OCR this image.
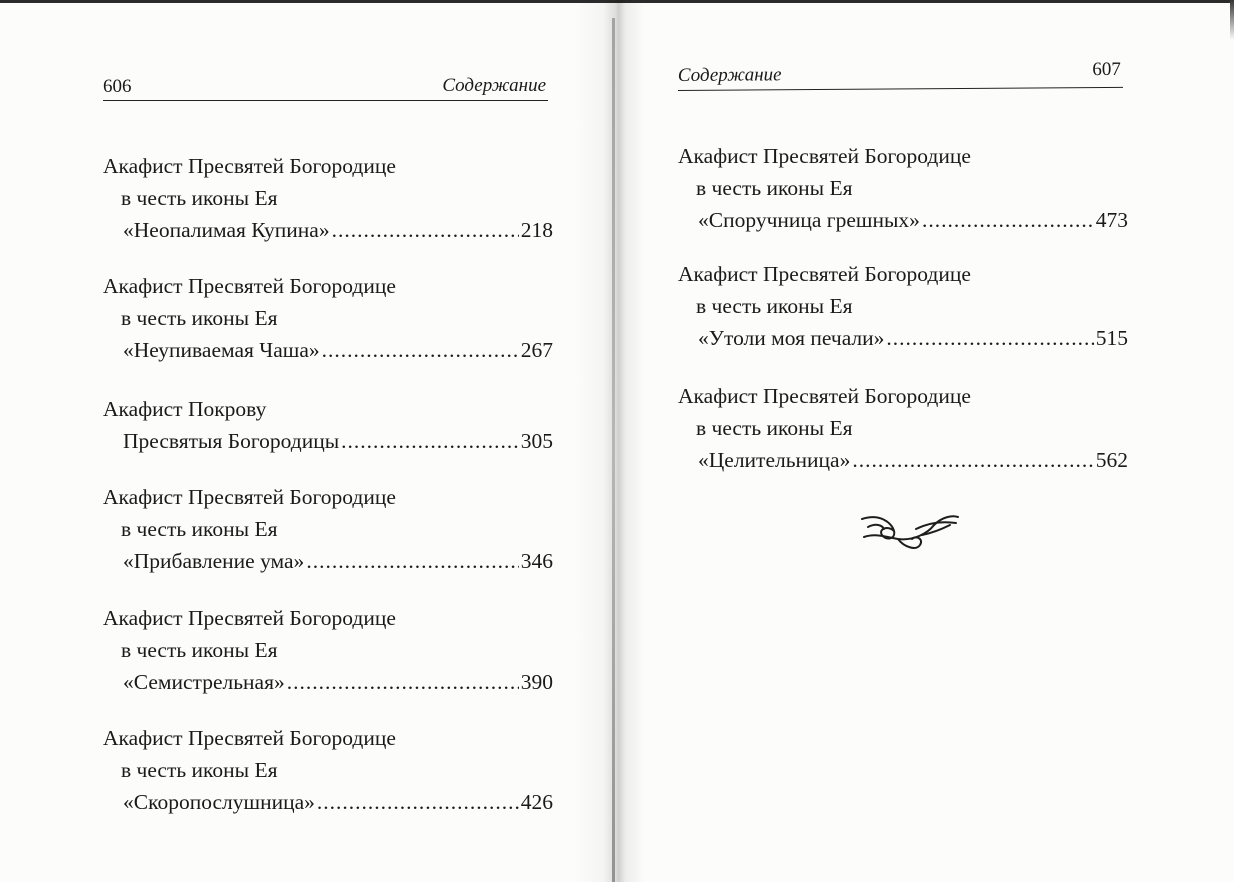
606	Содержание
Акафист Пресвятей Богородице
в честь иконы Ея
«Неопалимая Купина» .....	218
Акафист Пресвятей Богородице
в честь иконы Ея
«Неупиваемая Чаша» .....	267
Акафист Покрову
Пресвятыя Богородицы .....	305
Акафист Пресвятей Богородице
в честь иконы Ея
«Прибавление ума» .....	346
Акафист Пресвятей Богородице
в честь иконы Ея
«Семистрельная» .....	390
Акафист Пресвятей Богородице
в честь иконы Ея
«Скоропослушница» .....	426
Содержание	607
Акафист Пресвятей Богородице
в честь иконы Ея
«Споручница грешных» .....	473
Акафист Пресвятей Богородице
в честь иконы Ея
«Утоли моя печали» .....	515
Акафист Пресвятей Богородице
в честь иконы Ея
«Целительница» .....	562
